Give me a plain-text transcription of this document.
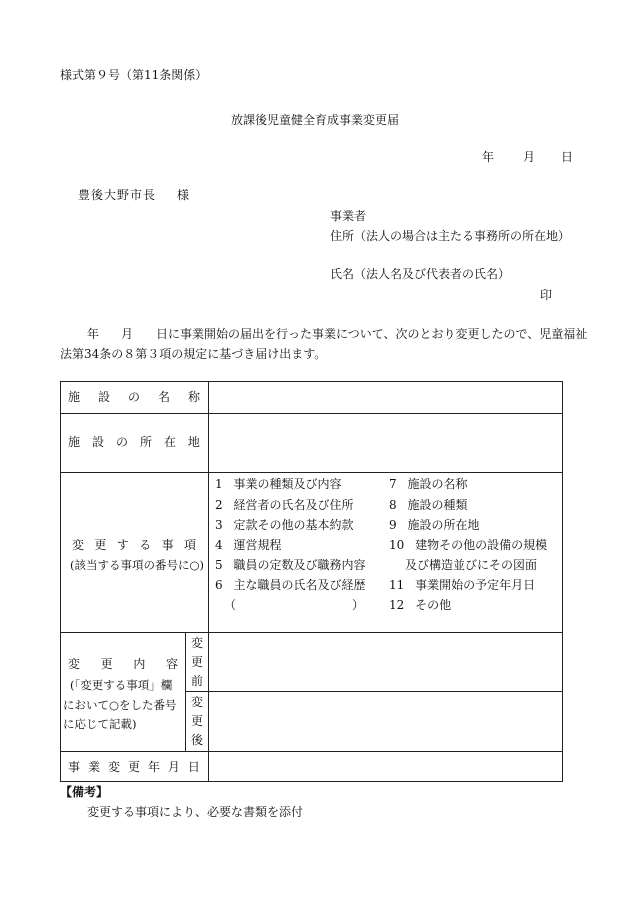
様式第９号（第11条関係）
放課後児童健全育成事業変更届
年 月 日
豊後大野市長 様
事業者
住所（法人の場合は主たる事務所の所在地）
氏名（法人名及び代表者の氏名）
印
年 月 日に事業開始の届出を行った事業について、次のとおり変更したので、児童福祉
法第34条の８第３項の規定に基づき届け出ます。
施 設 の 名 称
施 設 の 所 在 地
変 更 す る 事 項
(該当する事項の番号に○)
1 事業の種類及び内容
2 経営者の氏名及び住所
3 定款その他の基本約款
4 運営規程
5 職員の定数及び職務内容
6 主な職員の氏名及び経歴
（	）
7 施設の名称
8 施設の種類
9 施設の所在地
10 建物その他の設備の規模
及び構造並びにその図面
11 事業開始の予定年月日
12 その他
変 更 内 容
(「変更する事項」欄
において○をした番号
に応じて記載)
変
更
前
変
更
後
事 業 変 更 年 月 日
【備考】
変更する事項により、必要な書類を添付
